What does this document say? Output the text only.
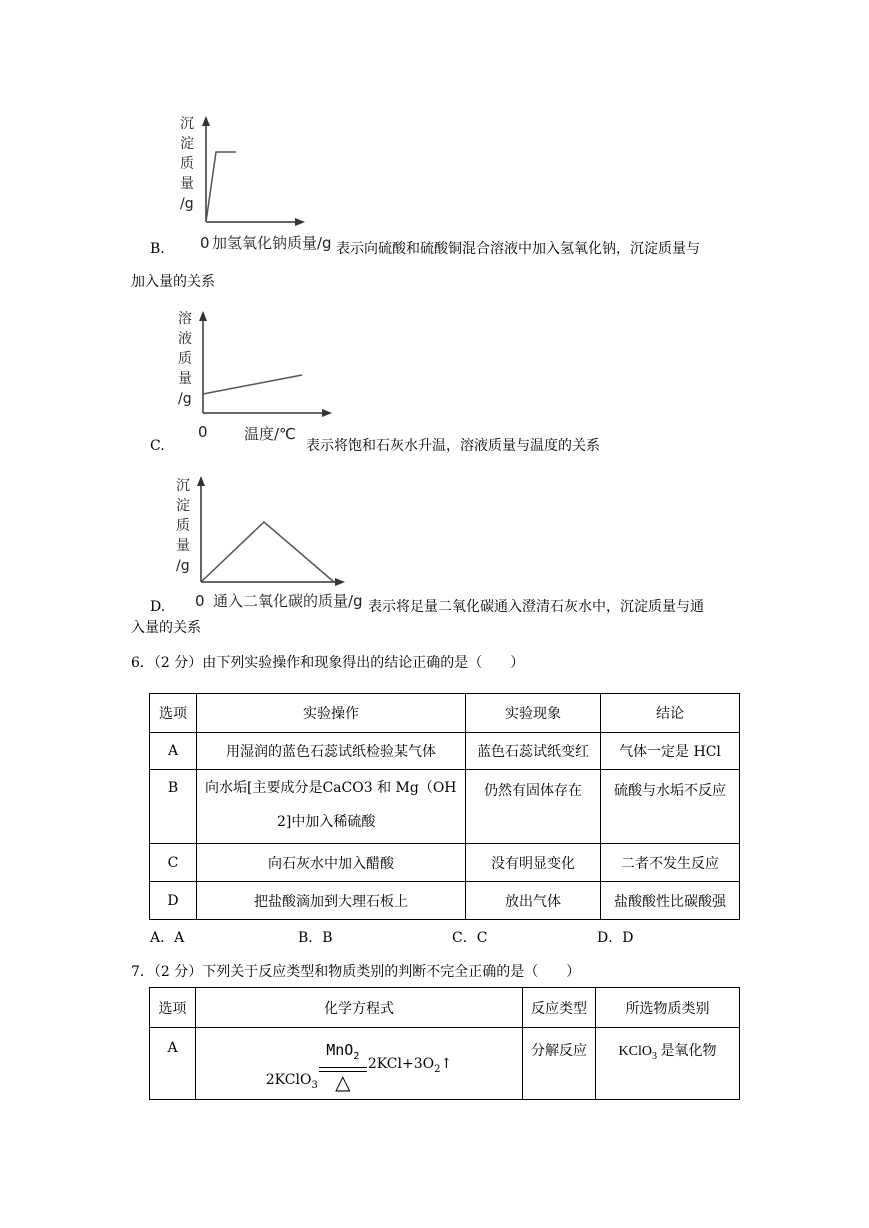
沉
淀
质
量
/g
0 加氢氧化钠质量/g
B.	表示向硫酸和硫酸铜混合溶液中加入氢氧化钠，沉淀质量与
加入量的关系
溶
液
质
量
/g
0 温度/℃
C.	表示将饱和石灰水升温，溶液质量与温度的关系
沉
淀
质
量
/g
0 通入二氧化碳的质量/g
D.	表示将足量二氧化碳通入澄清石灰水中，沉淀质量与通
入量的关系
6．（2 分）由下列实验操作和现象得出的结论正确的是（　　）
选项	实验操作	实验现象	结论
A	用湿润的蓝色石蕊试纸检验某气体	蓝色石蕊试纸变红	气体一定是 HCl
B	向水垢[主要成分是CaCO3 和 Mg（OH
2]中加入稀硫酸	仍然有固体存在	硫酸与水垢不反应
C	向石灰水中加入醋酸	没有明显变化	二者不发生反应
D	把盐酸滴加到大理石板上	放出气体	盐酸酸性比碳酸强
A．A	B．B	C．C	D．D
7．（2 分）下列关于反应类型和物质类别的判断不完全正确的是（　　）
选项	化学方程式	反应类型	所选物质类别
A	2KClO$_3$
MnO$_2$
△
$2KCl+3O_2↑$	分解反应	KClO$_3$ 是氧化物
